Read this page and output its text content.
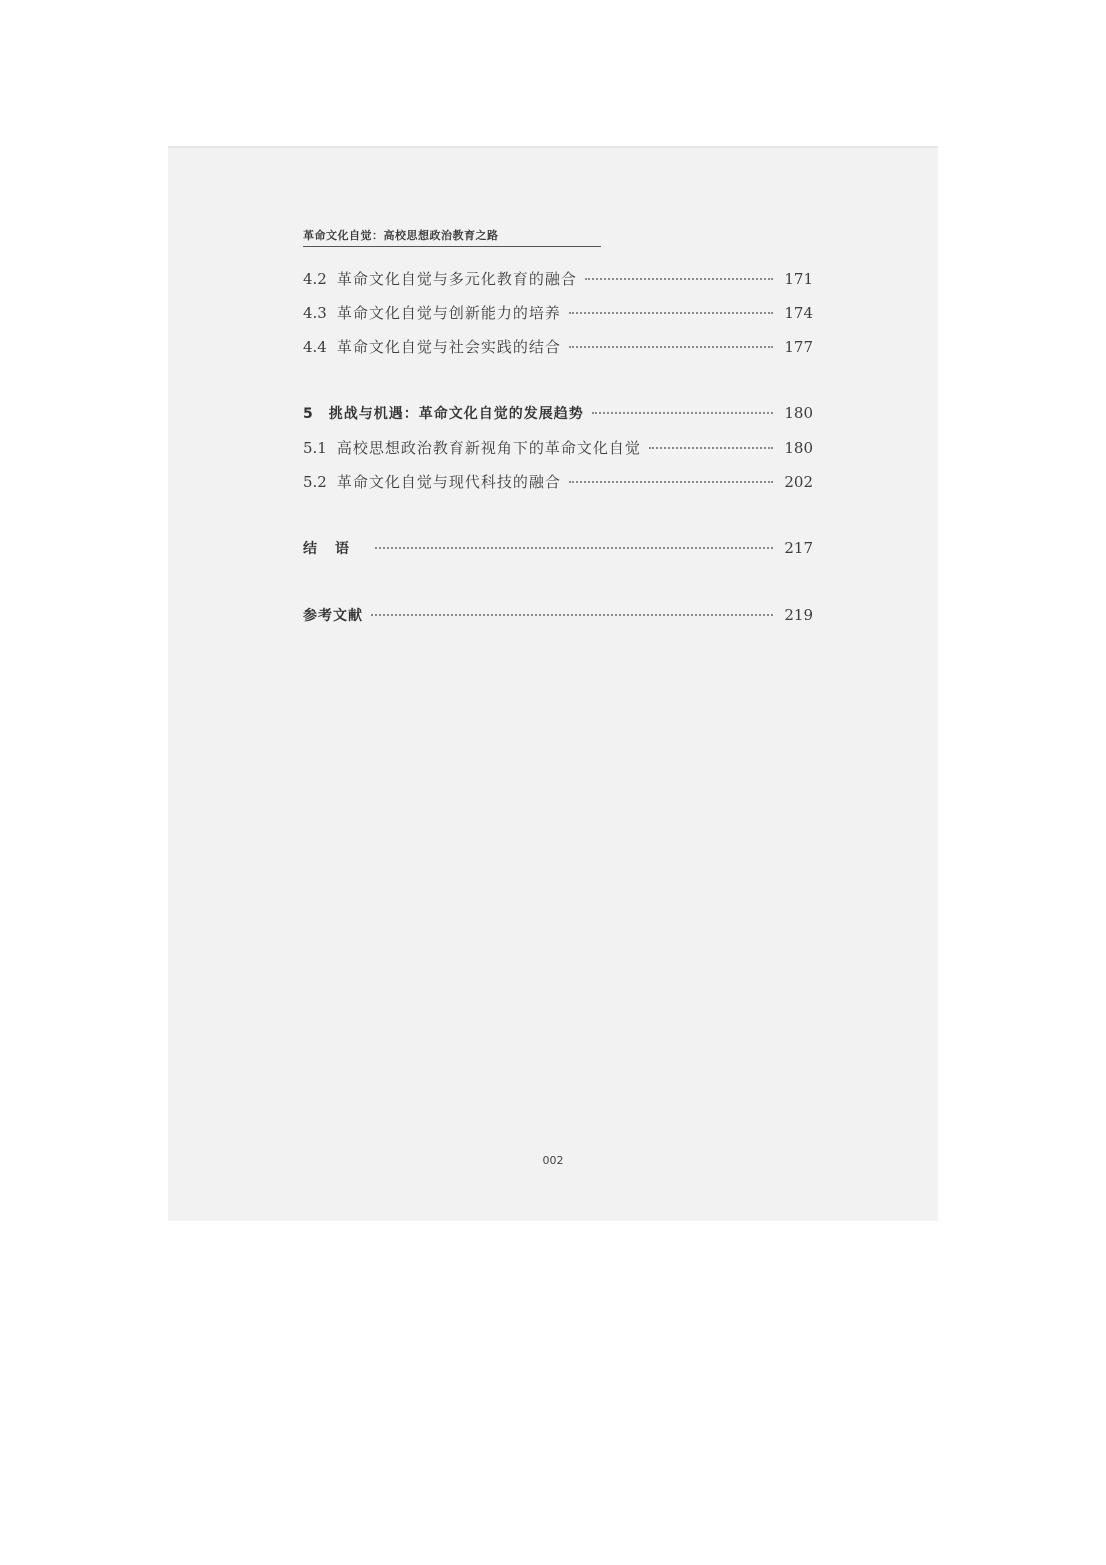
革命文化自觉：高校思想政治教育之路
4.2 革命文化自觉与多元化教育的融合	171
4.3 革命文化自觉与创新能力的培养	174
4.4 革命文化自觉与社会实践的结合	177
5 挑战与机遇：革命文化自觉的发展趋势	180
5.1 高校思想政治教育新视角下的革命文化自觉	180
5.2 革命文化自觉与现代科技的融合	202
结语	217
参考文献	219
002
